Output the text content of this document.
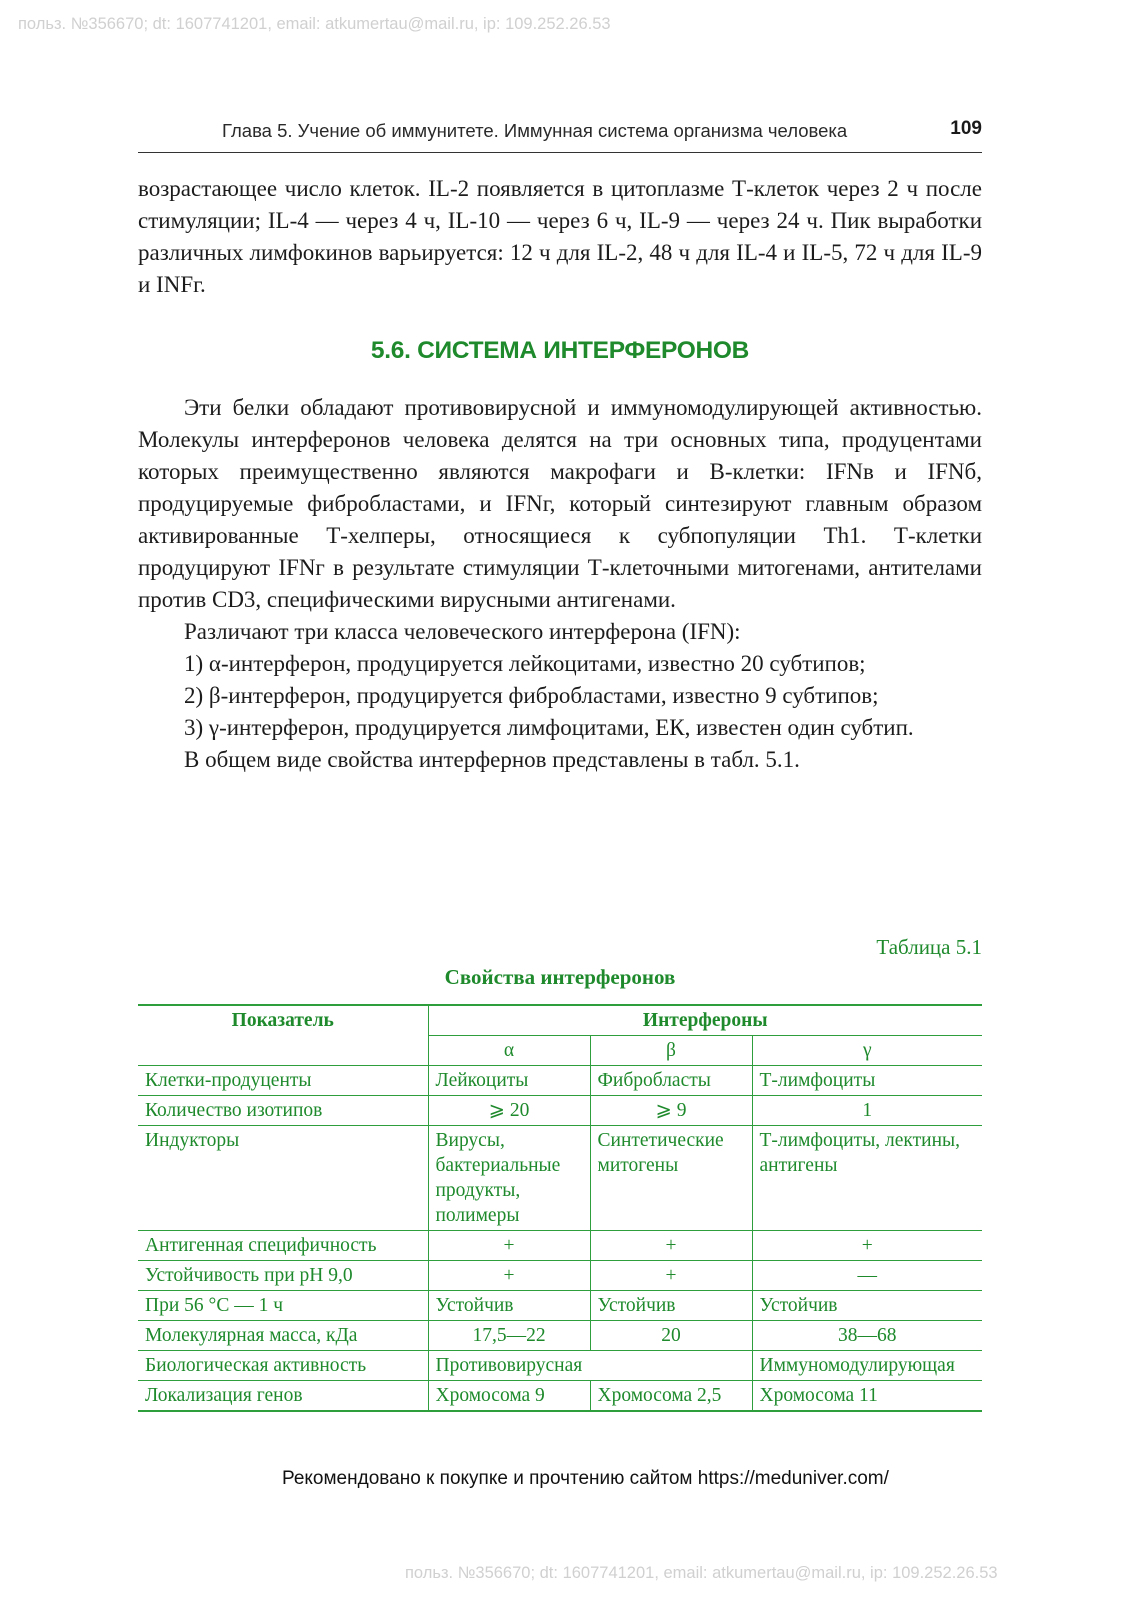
польз. №356670; dt: 1607741201, email: atkumertau@mail.ru, ip: 109.252.26.53
Глава 5. Учение об иммунитете. Иммунная система организма человека	109

возрастающее число клеток. IL-2 появляется в цитоплазме Т-клеток через 2 ч после стимуляции; IL-4 — через 4 ч, IL-10 — через 6 ч, IL-9 — через 24 ч. Пик выработки различных лимфокинов варьируется: 12 ч для IL-2, 48 ч для IL-4 и IL-5, 72 ч для IL-9 и INFг.

5.6. СИСТЕМА ИНТЕРФЕРОНОВ

Эти белки обладают противовирусной и иммуномодулирующей активностью. Молекулы интерферонов человека делятся на три основных типа, продуцентами которых преимущественно являются макрофаги и В-клетки: IFNв и IFNб, продуцируемые фибробластами, и IFNг, который синтезируют главным образом активированные Т-хелперы, относящиеся к субпопуляции Th1. Т-клетки продуцируют IFNг в результате стимуляции Т-клеточными митогенами, антителами против CD3, специфическими вирусными антигенами.

Различают три класса человеческого интерферона (IFN):

1) α-интерферон, продуцируется лейкоцитами, известно 20 субтипов;

2) β-интерферон, продуцируется фибробластами, известно 9 субтипов;

3) γ-интерферон, продуцируется лимфоцитами, ЕК, известен один субтип.

В общем виде свойства интерфернов представлены в табл. 5.1.

Таблица 5.1
Свойства интерферонов
Показатель	Интерфероны		
	α	β	γ
Клетки-продуценты	Лейкоциты	Фибробласты	Т-лимфоциты
Количество изотипов	⩾ 20	⩾ 9	1
Индукторы	Вирусы, бактериальные продукты, полимеры	Синтетические митогены	Т-лимфоциты, лектины, антигены
Антигенная специфичность	+	+	+
Устойчивость при pH 9,0	+	+	—
При 56 °C — 1 ч	Устойчив	Устойчив	Устойчив
Молекулярная масса, кДа	17,5—22	20	38—68
Биологическая активность	Противовирусная		Иммуномодулирующая
Локализация генов	Хромосома 9	Хромосома 2,5	Хромосома 11
Рекомендовано к покупке и прочтению сайтом https://meduniver.com/
польз. №356670; dt: 1607741201, email: atkumertau@mail.ru, ip: 109.252.26.53
